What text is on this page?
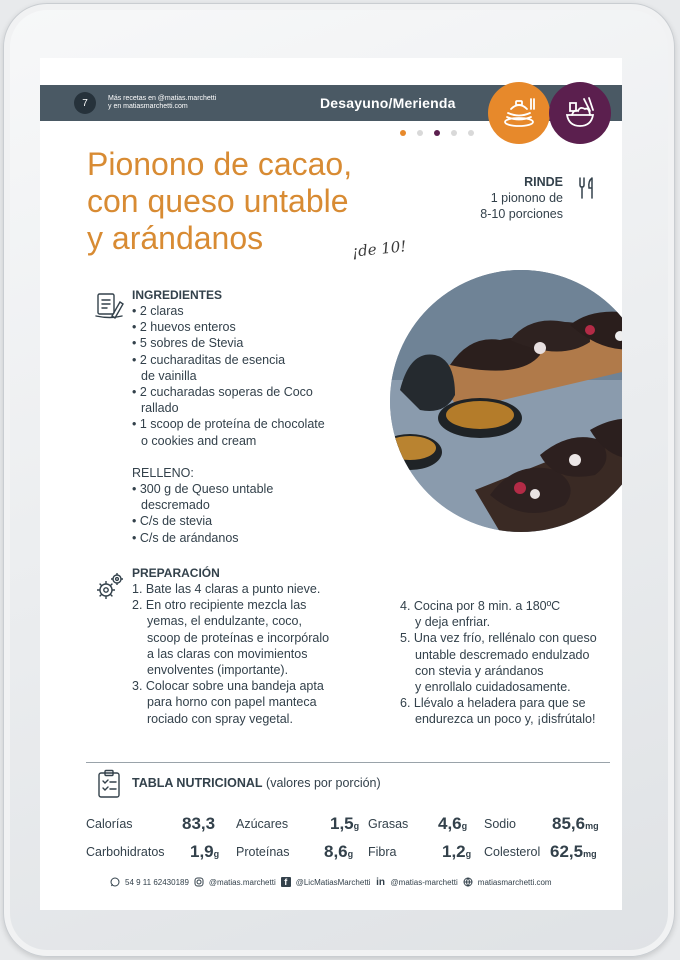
7	Más recetas en @matias.marchetti
y en matiasmarchetti.com	Desayuno/Merienda
Pionono de cacao,
con queso untable
y arándanos	¡de 10!
RINDE
1 pionono de
8-10 porciones
INGREDIENTES
• 2 claras
• 2 huevos enteros
• 5 sobres de Stevia
• 2 cucharaditas de esencia
de vainilla
• 2 cucharadas soperas de Coco
rallado
• 1 scoop de proteína de chocolate
o cookies and cream
RELLENO:
• 300 g de Queso untable
descremado
• C/s de stevia
• C/s de arándanos
PREPARACIÓN
1. Bate las 4 claras a punto nieve.
2. En otro recipiente mezcla las
yemas, el endulzante, coco,
scoop de proteínas e incorpóralo
a las claras con movimientos
envolventes (importante).
3. Colocar sobre una bandeja apta
para horno con papel manteca
rociado con spray vegetal.
4. Cocina por 8 min. a 180ºC
y deja enfriar.
5. Una vez frío, rellénalo con queso
untable descremado endulzado
con stevia y arándanos
y enrollalo cuidadosamente.
6. Llévalo a heladera para que se
endurezca un poco y, ¡disfrútalo!
TABLA NUTRICIONAL (valores por porción)
Calorías	83,3 Azúcares 1,5g Grasas 4,6g Sodio 85,6mg
Carbohidratos 1,9g Proteínas 8,6g Fibra	1,2g Colesterol 62,5mg
54 9 11 62430189	@matias.marchetti f	@LicMatiasMarchetti in @matias-marchetti	matiasmarchetti.com
